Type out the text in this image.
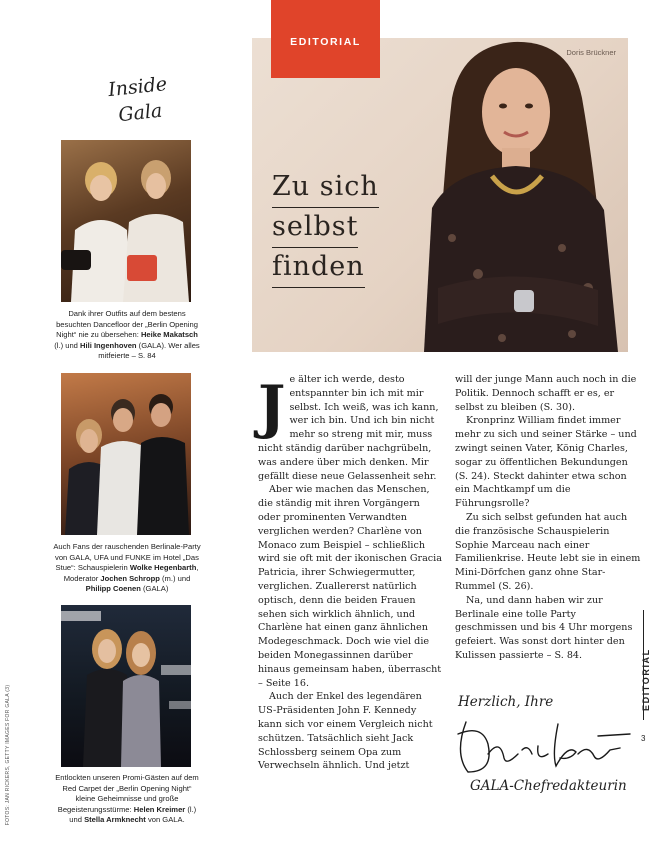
Inside
Gala
Dank ihrer Outfits auf dem bestens besuchten Dancefloor der „Berlin Opening Night“ nie zu übersehen: Heike Makatsch (l.) und Hili Ingenhoven (GALA). Wer alles mitfeierte – S. 84
Auch Fans der rauschenden Berlinale-Party von GALA, UFA und FUNKE im Hotel „Das Stue“: Schauspielerin Wolke Hegenbarth, Moderator Jochen Schropp (m.) und Philipp Coenen (GALA)
Entlockten unseren Promi-Gästen auf dem Red Carpet der „Berlin Opening Night“ kleine Geheimnisse und große Begeisterungsstürme: Helen Kreimer (l.) und Stella Armknecht von GALA.
FOTOS: JAN RICKERS, GETTY IMAGES FOR GALA (3)
Doris Brückner
Zu sich
selbst
finden
EDITORIAL
J e älter ich werde, desto entspannter bin ich mit mir selbst. Ich weiß, was ich kann, wer ich bin. Und ich bin nicht mehr so streng mit mir, muss nicht ständig darüber nachgrübeln, was andere über mich denken. Mir gefällt diese neue Gelassenheit sehr.

Aber wie machen das Menschen, die ständig mit ihren Vorgängern oder prominenten Verwandten verglichen werden? Charlène von Monaco zum Beispiel – schließlich wird sie oft mit der ikonischen Gracia Patricia, ihrer Schwiegermutter, verglichen. Zuallererst natürlich optisch, denn die beiden Frauen sehen sich wirklich ähnlich, und Charlène hat einen ganz ähnlichen Modegeschmack. Doch wie viel die beiden Monegassinnen darüber hinaus gemeinsam haben, überrascht – Seite 16.

Auch der Enkel des legendären US-Präsidenten John F. Kennedy kann sich vor einem Vergleich nicht schützen. Tatsächlich sieht Jack Schlossberg seinem Opa zum Verwechseln ähnlich. Und jetzt

will der junge Mann auch noch in die Politik. Dennoch schafft er es, er selbst zu bleiben (S. 30).

Kronprinz William findet immer mehr zu sich und seiner Stärke – und zwingt seinen Vater, König Charles, sogar zu öffentlichen Bekundungen (S. 24). Steckt dahinter etwa schon ein Machtkampf um die Führungsrolle?

Zu sich selbst gefunden hat auch die französische Schauspielerin Sophie Marceau nach einer Familienkrise. Heute lebt sie in einem Mini-Dörfchen ganz ohne Star-Rummel (S. 26).

Na, und dann haben wir zur Berlinale eine tolle Party geschmissen und bis 4 Uhr morgens gefeiert. Was sonst dort hinter den Kulissen passierte – S. 84.

Herzlich, Ihre
GALA-Chefredakteurin
EDITORIAL
3
